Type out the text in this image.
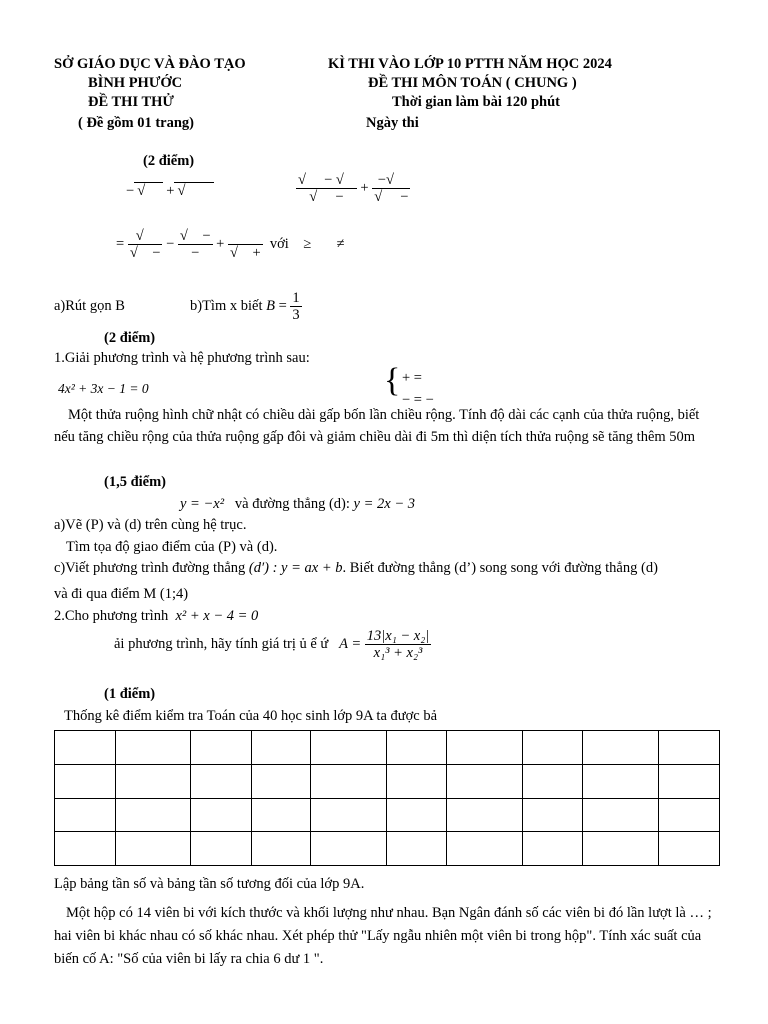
SỞ GIÁO DỤC VÀ ĐÀO TẠO
BÌNH PHƯỚC
ĐỀ THI THỬ
( Đề gồm 01 trang)
KÌ THI VÀO LỚP 10 PTTH NĂM HỌC 2024
ĐỀ THI MÔN TOÁN ( CHUNG )
Thời gian làm bài 120 phút
Ngày thi
(2 điểm)
− √     + √	$\frac{√ - √}{√ -} + \frac{-√}{√ -}$
= $\frac{√}{√ -} - \frac{√ -}{-}$ +

√    +
với ≥ ≠
a)Rút gọn B	b)Tìm x biết $B = \frac{1}{3}$
(2 điểm)
1.Giải phương trình và hệ phương trình sau:
4x² + 3x − 1 = 0	{ + =
− = −
Một thửa ruộng hình chữ nhật có chiều dài gấp bốn lần chiều rộng. Tính độ dài các cạnh của thửa ruộng, biết nếu tăng chiều rộng của thửa ruộng gấp đôi và giảm chiều dài đi 5m thì diện tích thửa ruộng sẽ tăng thêm 50m
(1,5 điểm)
y = −x² và đường thẳng (d): y = 2x − 3
a)Vẽ (P) và (d) trên cùng hệ trục.
Tìm tọa độ giao điểm của (P) và (d).
c)Viết phương trình đường thẳng (d′) : y = ax + b. Biết đường thẳng (d’) song song với đường thẳng (d)
và đi qua điểm M (1;4)
2.Cho phương trình x² + x − 4 = 0
ải phương trình, hãy tính giá trị ủ ể ứ $A = \frac{\text{13|x₁ − x₂|}}{\text{x₁³ + x₂³}}$
(1 điểm)
Thống kê điểm kiểm tra Toán của 40 học sinh lớp 9A ta được bả

Lập bảng tần số và bảng tần số tương đối của lớp 9A.
Một hộp có 14 viên bi với kích thước và khối lượng như nhau. Bạn Ngân đánh số các viên bi đó lần lượt là … ; hai viên bi khác nhau có số khác nhau. Xét phép thử "Lấy ngẫu nhiên một viên bi trong hộp". Tính xác suất của biến cố A: "Số của viên bi lấy ra chia 6 dư 1 ".
